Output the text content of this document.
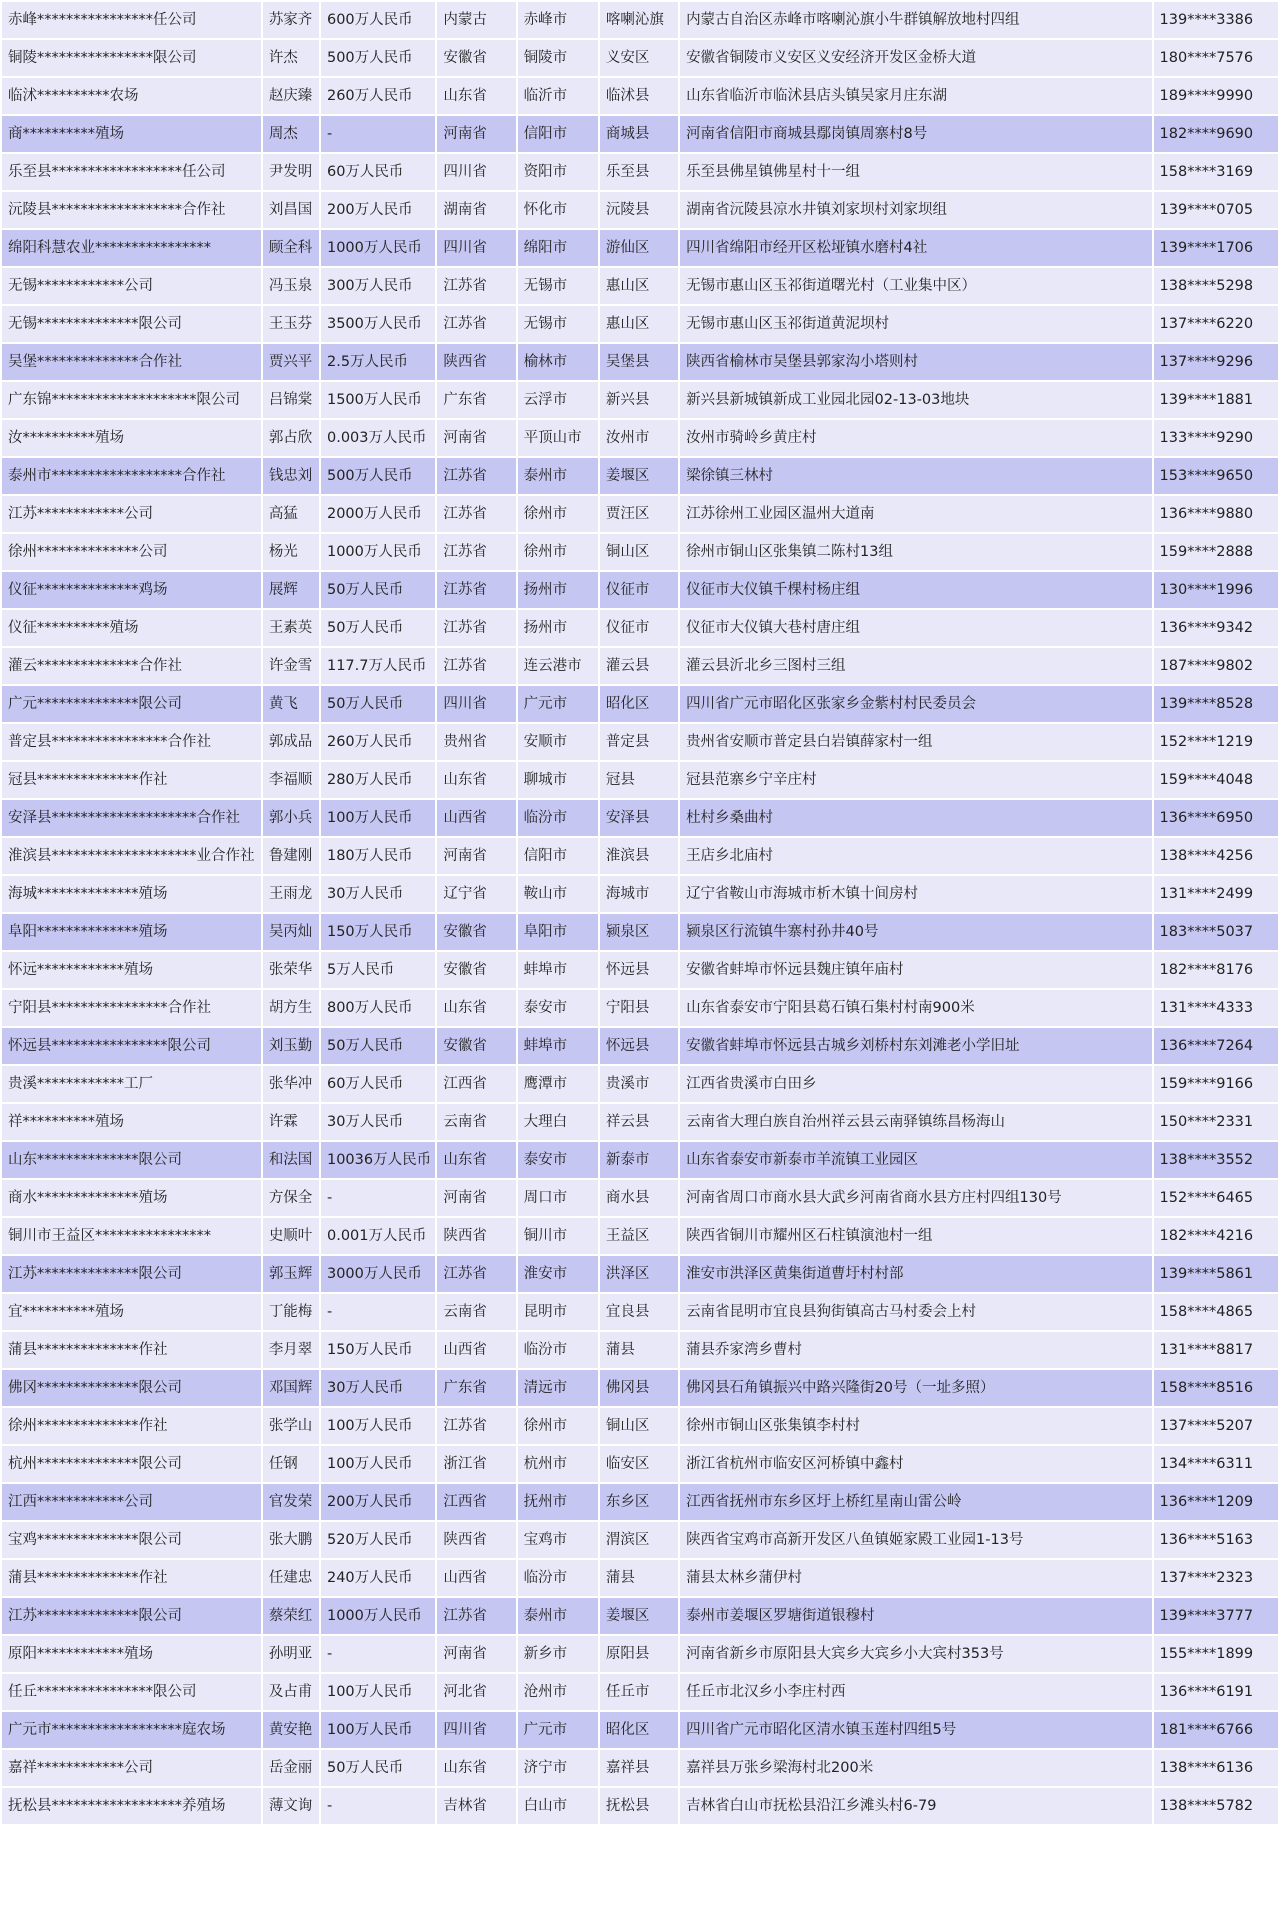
赤峰****************任公司	苏家齐	600万人民币	内蒙古	赤峰市	喀喇沁旗	内蒙古自治区赤峰市喀喇沁旗小牛群镇解放地村四组	139****3386
铜陵****************限公司	许杰	500万人民币	安徽省	铜陵市	义安区	安徽省铜陵市义安区义安经济开发区金桥大道	180****7576
临沭**********农场	赵庆臻	260万人民币	山东省	临沂市	临沭县	山东省临沂市临沭县店头镇吴家月庄东湖	189****9990
商**********殖场	周杰	-	河南省	信阳市	商城县	河南省信阳市商城县鄢岗镇周寨村8号	182****9690
乐至县******************任公司	尹发明	60万人民币	四川省	资阳市	乐至县	乐至县佛星镇佛星村十一组	158****3169
沅陵县******************合作社	刘昌国	200万人民币	湖南省	怀化市	沅陵县	湖南省沅陵县凉水井镇刘家坝村刘家坝组	139****0705
绵阳科慧农业****************	顾全科	1000万人民币	四川省	绵阳市	游仙区	四川省绵阳市经开区松垭镇水磨村4社	139****1706
无锡************公司	冯玉泉	300万人民币	江苏省	无锡市	惠山区	无锡市惠山区玉祁街道曙光村（工业集中区）	138****5298
无锡**************限公司	王玉芬	3500万人民币	江苏省	无锡市	惠山区	无锡市惠山区玉祁街道黄泥坝村	137****6220
吴堡**************合作社	贾兴平	2.5万人民币	陕西省	榆林市	吴堡县	陕西省榆林市吴堡县郭家沟小塔则村	137****9296
广东锦********************限公司	吕锦棠	1500万人民币	广东省	云浮市	新兴县	新兴县新城镇新成工业园北园02-13-03地块	139****1881
汝**********殖场	郭占欣	0.003万人民币	河南省	平顶山市	汝州市	汝州市骑岭乡黄庄村	133****9290
泰州市******************合作社	钱忠刘	500万人民币	江苏省	泰州市	姜堰区	梁徐镇三林村	153****9650
江苏************公司	高猛	2000万人民币	江苏省	徐州市	贾汪区	江苏徐州工业园区温州大道南	136****9880
徐州**************公司	杨光	1000万人民币	江苏省	徐州市	铜山区	徐州市铜山区张集镇二陈村13组	159****2888
仪征**************鸡场	展辉	50万人民币	江苏省	扬州市	仪征市	仪征市大仪镇千棵村杨庄组	130****1996
仪征**********殖场	王素英	50万人民币	江苏省	扬州市	仪征市	仪征市大仪镇大巷村唐庄组	136****9342
灌云**************合作社	许金雪	117.7万人民币	江苏省	连云港市	灌云县	灌云县沂北乡三图村三组	187****9802
广元**************限公司	黄飞	50万人民币	四川省	广元市	昭化区	四川省广元市昭化区张家乡金紫村村民委员会	139****8528
普定县****************合作社	郭成品	260万人民币	贵州省	安顺市	普定县	贵州省安顺市普定县白岩镇薛家村一组	152****1219
冠县**************作社	李福顺	280万人民币	山东省	聊城市	冠县	冠县范寨乡宁辛庄村	159****4048
安泽县********************合作社	郭小兵	100万人民币	山西省	临汾市	安泽县	杜村乡桑曲村	136****6950
淮滨县********************业合作社	鲁建刚	180万人民币	河南省	信阳市	淮滨县	王店乡北庙村	138****4256
海城**************殖场	王雨龙	30万人民币	辽宁省	鞍山市	海城市	辽宁省鞍山市海城市析木镇十间房村	131****2499
阜阳**************殖场	吴丙灿	150万人民币	安徽省	阜阳市	颍泉区	颍泉区行流镇牛寨村孙井40号	183****5037
怀远************殖场	张荣华	5万人民币	安徽省	蚌埠市	怀远县	安徽省蚌埠市怀远县魏庄镇年庙村	182****8176
宁阳县****************合作社	胡方生	800万人民币	山东省	泰安市	宁阳县	山东省泰安市宁阳县葛石镇石集村村南900米	131****4333
怀远县****************限公司	刘玉勤	50万人民币	安徽省	蚌埠市	怀远县	安徽省蚌埠市怀远县古城乡刘桥村东刘滩老小学旧址	136****7264
贵溪************工厂	张华冲	60万人民币	江西省	鹰潭市	贵溪市	江西省贵溪市白田乡	159****9166
祥**********殖场	许霖	30万人民币	云南省	大理白	祥云县	云南省大理白族自治州祥云县云南驿镇练昌杨海山	150****2331
山东**************限公司	和法国	10036万人民币	山东省	泰安市	新泰市	山东省泰安市新泰市羊流镇工业园区	138****3552
商水**************殖场	方保全	-	河南省	周口市	商水县	河南省周口市商水县大武乡河南省商水县方庄村四组130号	152****6465
铜川市王益区****************	史顺叶	0.001万人民币	陕西省	铜川市	王益区	陕西省铜川市耀州区石柱镇演池村一组	182****4216
江苏**************限公司	郭玉辉	3000万人民币	江苏省	淮安市	洪泽区	淮安市洪泽区黄集街道曹圩村村部	139****5861
宜**********殖场	丁能梅	-	云南省	昆明市	宜良县	云南省昆明市宜良县狗街镇高古马村委会上村	158****4865
蒲县**************作社	李月翠	150万人民币	山西省	临汾市	蒲县	蒲县乔家湾乡曹村	131****8817
佛冈**************限公司	邓国辉	30万人民币	广东省	清远市	佛冈县	佛冈县石角镇振兴中路兴隆街20号（一址多照）	158****8516
徐州**************作社	张学山	100万人民币	江苏省	徐州市	铜山区	徐州市铜山区张集镇李村村	137****5207
杭州**************限公司	任钢	100万人民币	浙江省	杭州市	临安区	浙江省杭州市临安区河桥镇中鑫村	134****6311
江西************公司	官发荣	200万人民币	江西省	抚州市	东乡区	江西省抚州市东乡区圩上桥红星南山雷公岭	136****1209
宝鸡**************限公司	张大鹏	520万人民币	陕西省	宝鸡市	渭滨区	陕西省宝鸡市高新开发区八鱼镇姬家殿工业园1-13号	136****5163
蒲县**************作社	任建忠	240万人民币	山西省	临汾市	蒲县	蒲县太林乡蒲伊村	137****2323
江苏**************限公司	蔡荣红	1000万人民币	江苏省	泰州市	姜堰区	泰州市姜堰区罗塘街道银穆村	139****3777
原阳************殖场	孙明亚	-	河南省	新乡市	原阳县	河南省新乡市原阳县大宾乡大宾乡小大宾村353号	155****1899
任丘****************限公司	及占甫	100万人民币	河北省	沧州市	任丘市	任丘市北汉乡小李庄村西	136****6191
广元市******************庭农场	黄安艳	100万人民币	四川省	广元市	昭化区	四川省广元市昭化区清水镇玉莲村四组5号	181****6766
嘉祥************公司	岳金丽	50万人民币	山东省	济宁市	嘉祥县	嘉祥县万张乡梁海村北200米	138****6136
抚松县******************养殖场	薄文询	-	吉林省	白山市	抚松县	吉林省白山市抚松县沿江乡滩头村6-79	138****5782
